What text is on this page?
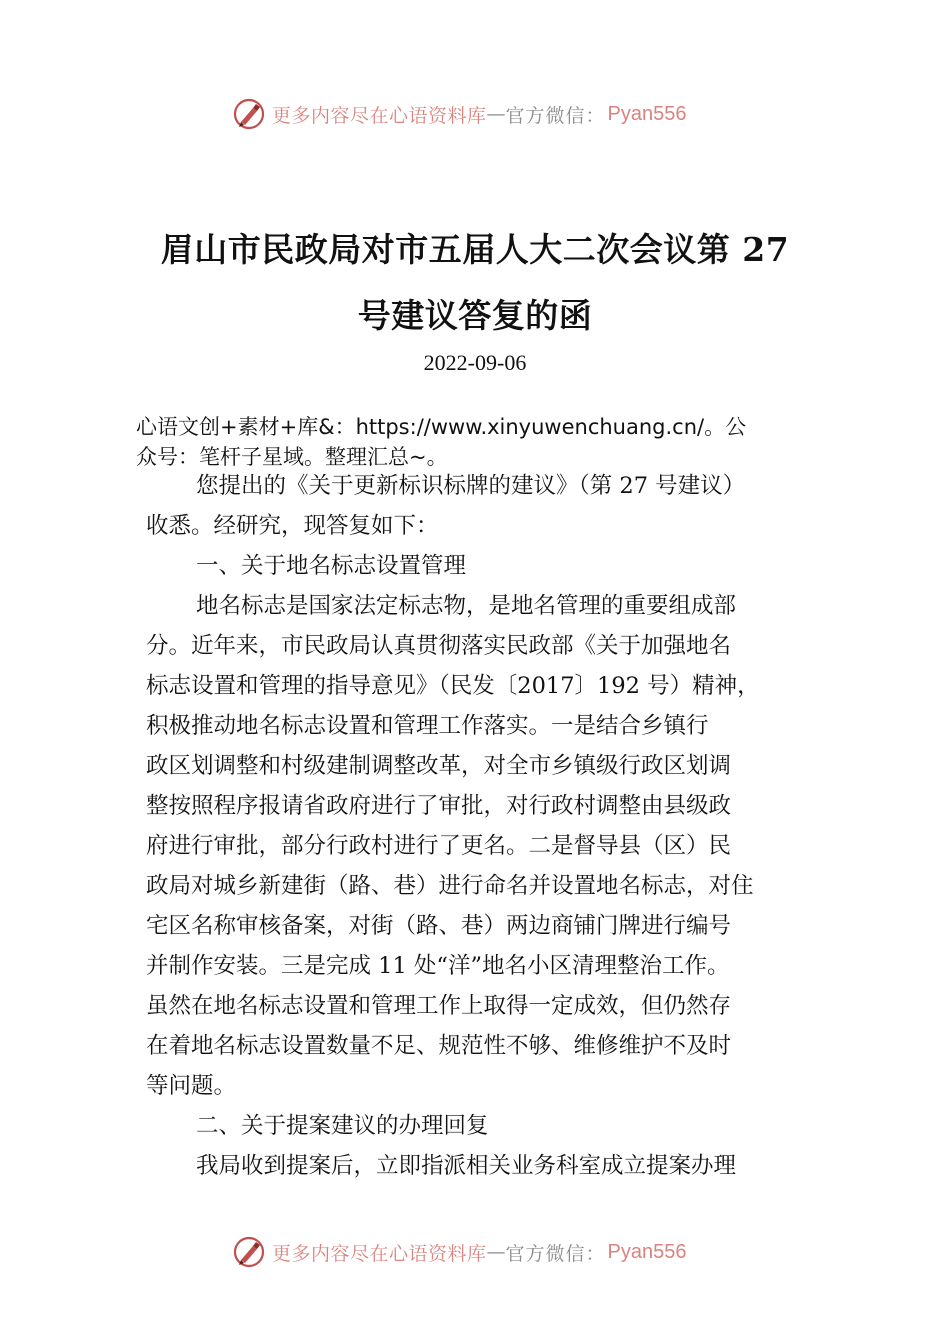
更多内容尽在心语资料库 — 官方微信： Pyan556
眉山市民政局对市五届人大二次会议第 27
号建议答复的函
2022-09-06
心语文创+素材+库&：https://www.xinyuwenchuang.cn/。公
众号：笔杆子星域。整理汇总~。
您提出的《关于更新标识标牌的建议》（第 27 号建议）
收悉。经研究，现答复如下：
一、关于地名标志设置管理
地名标志是国家法定标志物，是地名管理的重要组成部
分。近年来，市民政局认真贯彻落实民政部《关于加强地名
标志设置和管理的指导意见》（民发〔2017〕192 号）精神，
积极推动地名标志设置和管理工作落实。一是结合乡镇行
政区划调整和村级建制调整改革，对全市乡镇级行政区划调
整按照程序报请省政府进行了审批，对行政村调整由县级政
府进行审批，部分行政村进行了更名。二是督导县（区）民
政局对城乡新建街（路、巷）进行命名并设置地名标志，对住
宅区名称审核备案，对街（路、巷）两边商铺门牌进行编号
并制作安装。三是完成 11 处“洋”地名小区清理整治工作。
虽然在地名标志设置和管理工作上取得一定成效，但仍然存
在着地名标志设置数量不足、规范性不够、维修维护不及时
等问题。
二、关于提案建议的办理回复
我局收到提案后，立即指派相关业务科室成立提案办理
更多内容尽在心语资料库 — 官方微信： Pyan556
